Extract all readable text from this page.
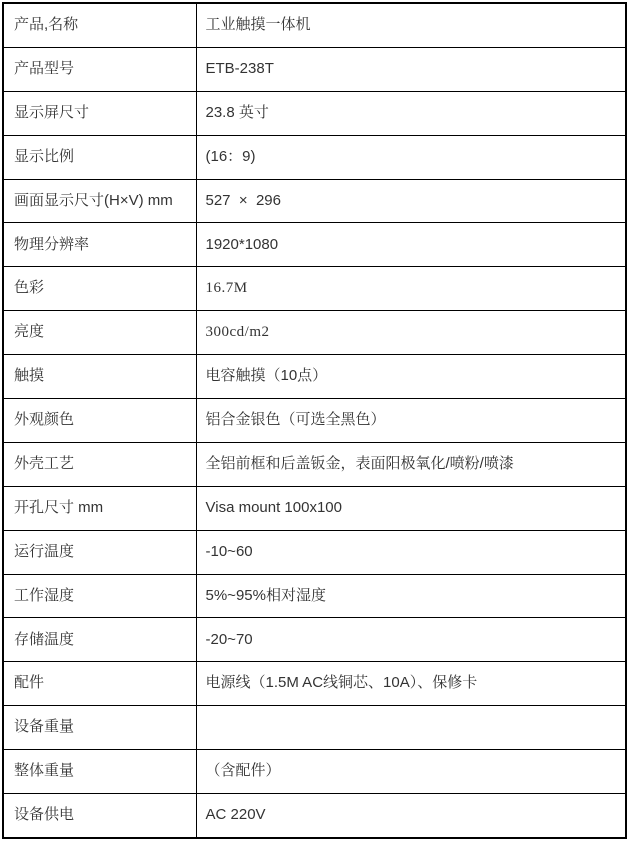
产品,名称	工业触摸一体机
产品型号	ETB-238T
显示屏尺寸	23.8 英寸
显示比例	(16：9)
画面显示尺寸(H×V) mm	527  ×  296
物理分辨率	1920*1080
色彩	16.7M
亮度	300cd/m2
触摸	电容触摸（10点）
外观颜色	铝合金银色（可选全黑色）
外壳工艺	全铝前框和后盖钣金，表面阳极氧化/喷粉/喷漆
开孔尺寸 mm	Visa mount 100x100
运行温度	-10~60
工作湿度	5%~95%相对湿度
存储温度	-20~70
配件	电源线（1.5M AC线铜芯、10A）、保修卡
设备重量	
整体重量	（含配件）
设备供电	AC 220V
